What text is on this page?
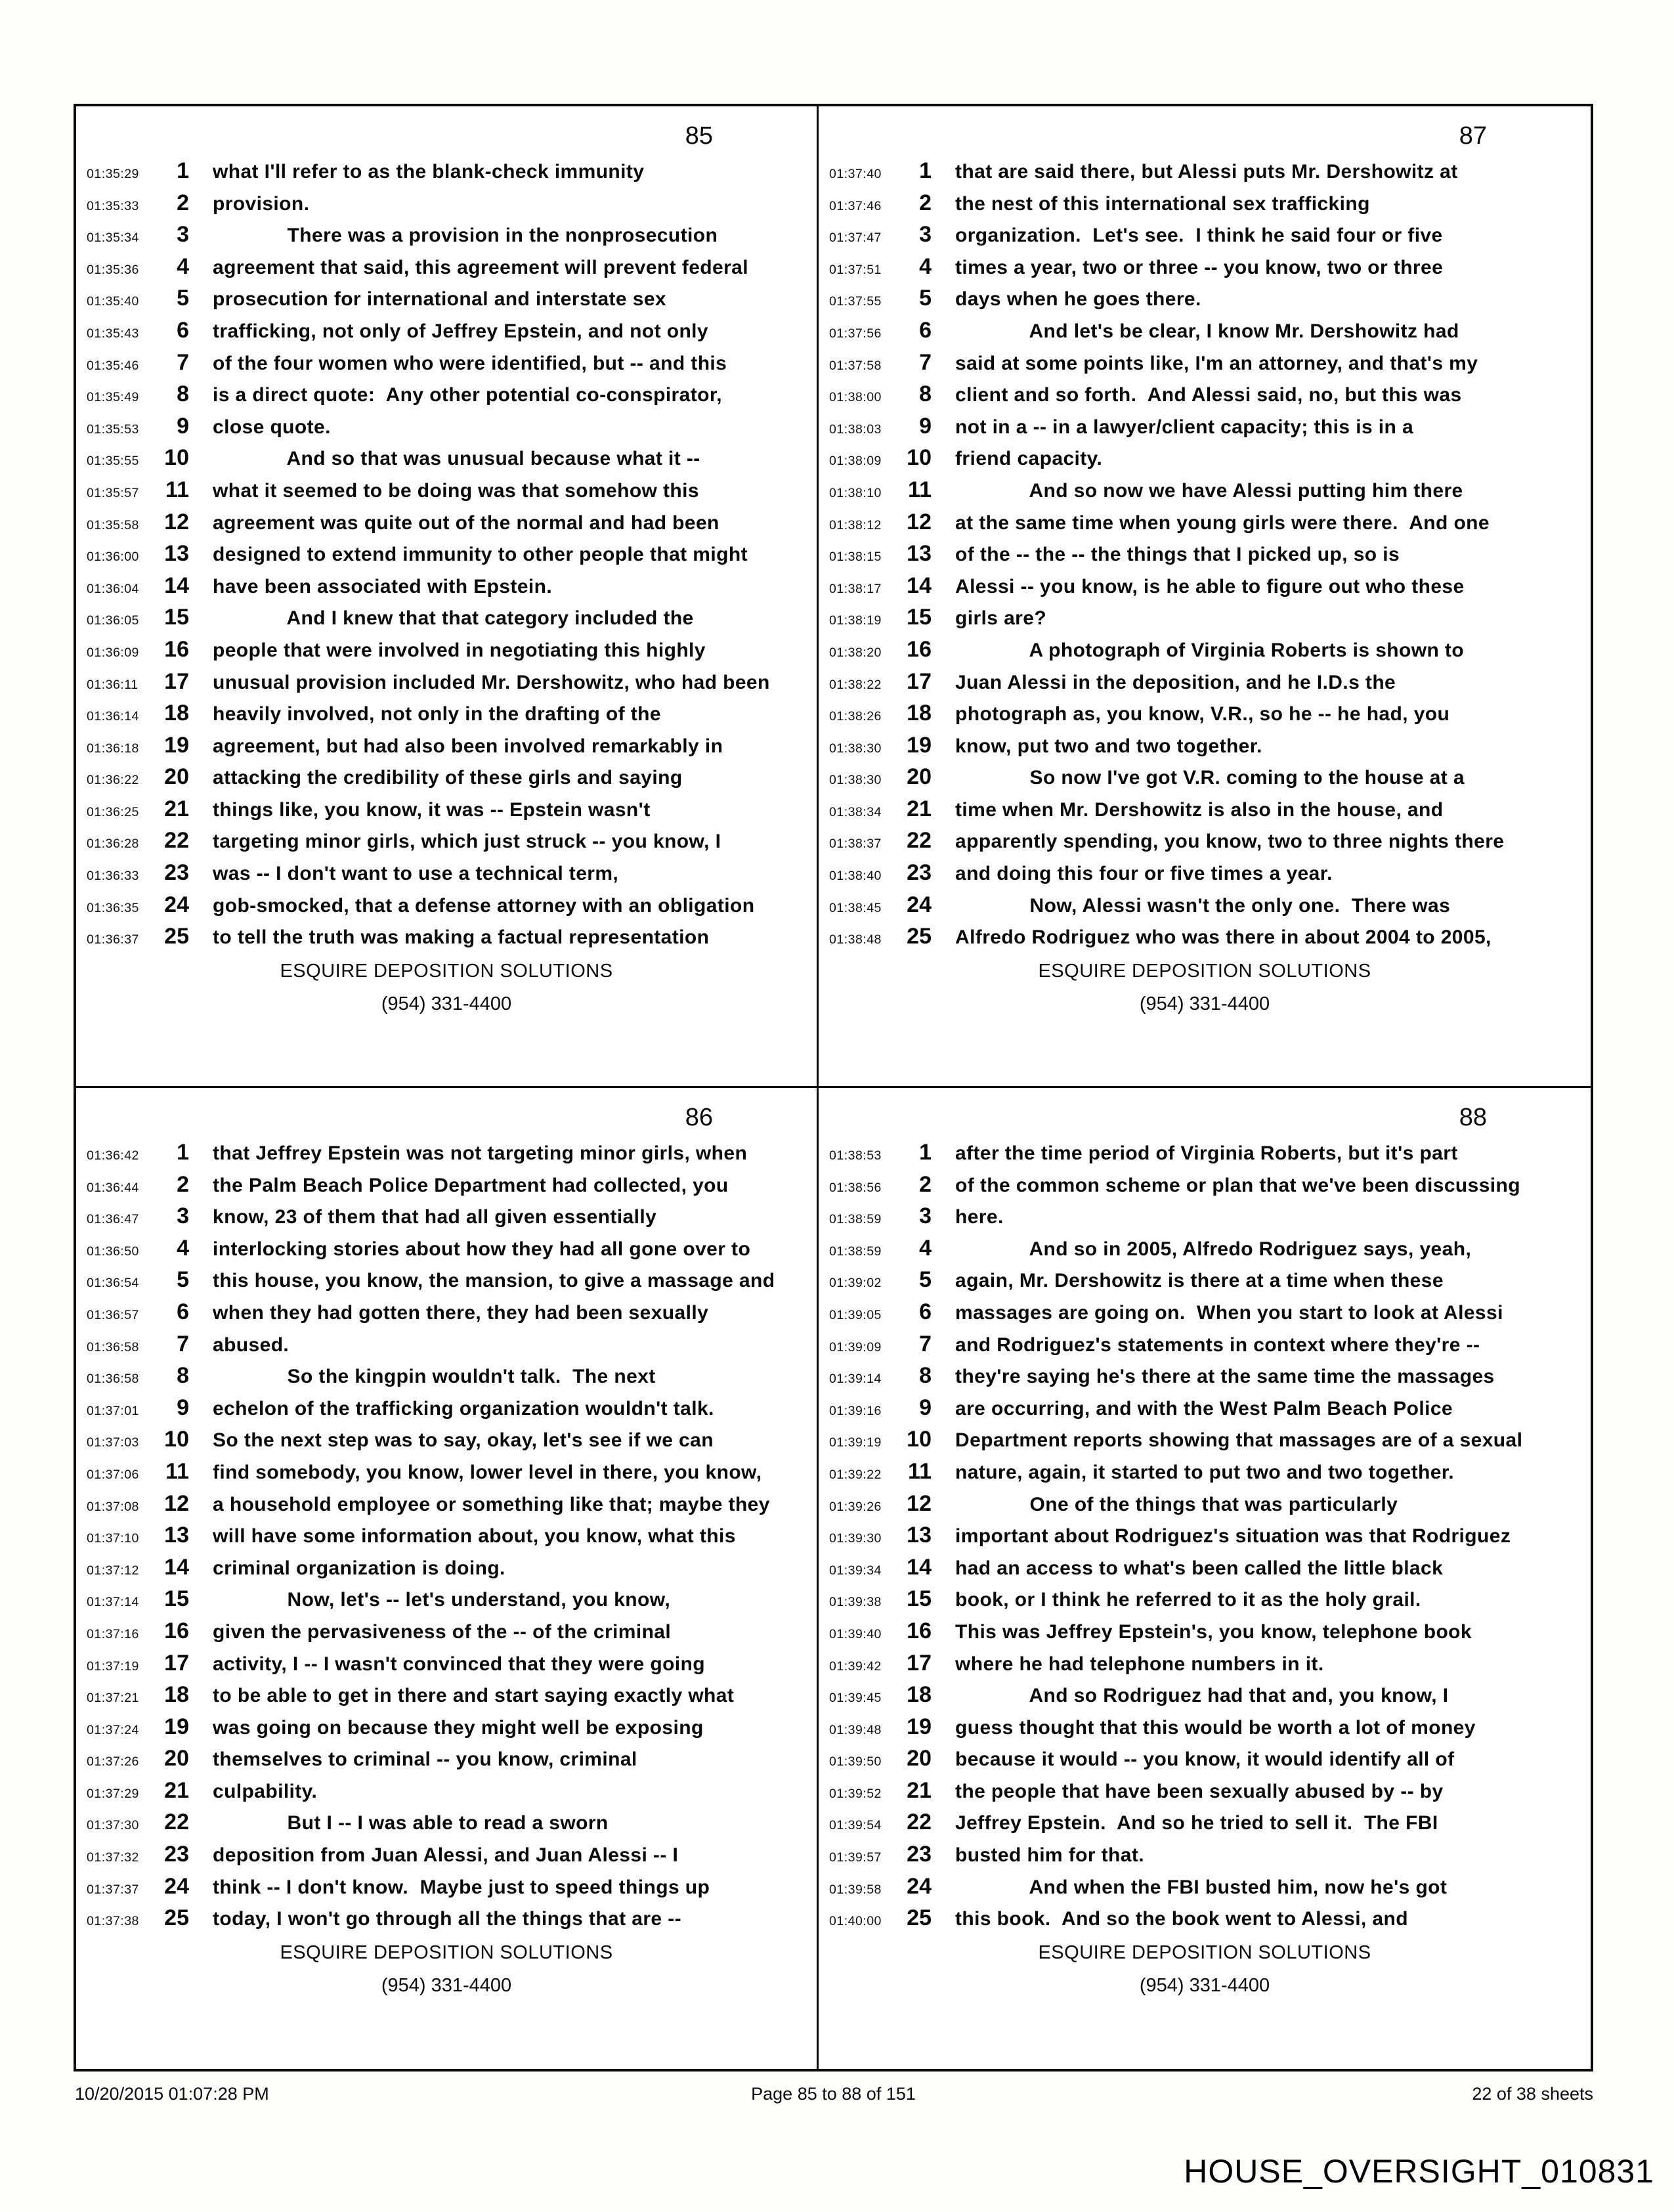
85
01:35:29	1 what I'll refer to as the blank-check immunity
01:35:33	2 provision.
01:35:34	3 There was a provision in the nonprosecution
01:35:36	4 agreement that said, this agreement will prevent federal
01:35:40	5 prosecution for international and interstate sex
01:35:43	6 trafficking, not only of Jeffrey Epstein, and not only
01:35:46	7 of the four women who were identified, but -- and this
01:35:49	8 is a direct quote:  Any other potential co-conspirator,
01:35:53	9 close quote.
01:35:55	10 And so that was unusual because what it --
01:35:57	11 what it seemed to be doing was that somehow this
01:35:58	12 agreement was quite out of the normal and had been
01:36:00	13 designed to extend immunity to other people that might
01:36:04	14 have been associated with Epstein.
01:36:05	15 And I knew that that category included the
01:36:09	16 people that were involved in negotiating this highly
01:36:11	17 unusual provision included Mr. Dershowitz, who had been
01:36:14	18 heavily involved, not only in the drafting of the
01:36:18	19 agreement, but had also been involved remarkably in
01:36:22	20 attacking the credibility of these girls and saying
01:36:25	21 things like, you know, it was -- Epstein wasn't
01:36:28	22 targeting minor girls, which just struck -- you know, I
01:36:33	23 was -- I don't want to use a technical term,
01:36:35	24 gob-smocked, that a defense attorney with an obligation
01:36:37	25 to tell the truth was making a factual representation
ESQUIRE DEPOSITION SOLUTIONS
(954) 331-4400
87
01:37:40	1 that are said there, but Alessi puts Mr. Dershowitz at
01:37:46	2 the nest of this international sex trafficking
01:37:47	3 organization.  Let's see.  I think he said four or five
01:37:51	4 times a year, two or three -- you know, two or three
01:37:55	5 days when he goes there.
01:37:56	6 And let's be clear, I know Mr. Dershowitz had
01:37:58	7 said at some points like, I'm an attorney, and that's my
01:38:00	8 client and so forth.  And Alessi said, no, but this was
01:38:03	9 not in a -- in a lawyer/client capacity; this is in a
01:38:09	10 friend capacity.
01:38:10	11 And so now we have Alessi putting him there
01:38:12	12 at the same time when young girls were there.  And one
01:38:15	13 of the -- the -- the things that I picked up, so is
01:38:17	14 Alessi -- you know, is he able to figure out who these
01:38:19	15 girls are?
01:38:20	16 A photograph of Virginia Roberts is shown to
01:38:22	17 Juan Alessi in the deposition, and he I.D.s the
01:38:26	18 photograph as, you know, V.R., so he -- he had, you
01:38:30	19 know, put two and two together.
01:38:30	20 So now I've got V.R. coming to the house at a
01:38:34	21 time when Mr. Dershowitz is also in the house, and
01:38:37	22 apparently spending, you know, two to three nights there
01:38:40	23 and doing this four or five times a year.
01:38:45	24 Now, Alessi wasn't the only one.  There was
01:38:48	25 Alfredo Rodriguez who was there in about 2004 to 2005,
ESQUIRE DEPOSITION SOLUTIONS
(954) 331-4400
86
01:36:42	1 that Jeffrey Epstein was not targeting minor girls, when
01:36:44	2 the Palm Beach Police Department had collected, you
01:36:47	3 know, 23 of them that had all given essentially
01:36:50	4 interlocking stories about how they had all gone over to
01:36:54	5 this house, you know, the mansion, to give a massage and
01:36:57	6 when they had gotten there, they had been sexually
01:36:58	7 abused.
01:36:58	8 So the kingpin wouldn't talk.  The next
01:37:01	9 echelon of the trafficking organization wouldn't talk.
01:37:03	10 So the next step was to say, okay, let's see if we can
01:37:06	11 find somebody, you know, lower level in there, you know,
01:37:08	12 a household employee or something like that; maybe they
01:37:10	13 will have some information about, you know, what this
01:37:12	14 criminal organization is doing.
01:37:14	15 Now, let's -- let's understand, you know,
01:37:16	16 given the pervasiveness of the -- of the criminal
01:37:19	17 activity, I -- I wasn't convinced that they were going
01:37:21	18 to be able to get in there and start saying exactly what
01:37:24	19 was going on because they might well be exposing
01:37:26	20 themselves to criminal -- you know, criminal
01:37:29	21 culpability.
01:37:30	22 But I -- I was able to read a sworn
01:37:32	23 deposition from Juan Alessi, and Juan Alessi -- I
01:37:37	24 think -- I don't know.  Maybe just to speed things up
01:37:38	25 today, I won't go through all the things that are --
ESQUIRE DEPOSITION SOLUTIONS
(954) 331-4400
88
01:38:53	1 after the time period of Virginia Roberts, but it's part
01:38:56	2 of the common scheme or plan that we've been discussing
01:38:59	3 here.
01:38:59	4 And so in 2005, Alfredo Rodriguez says, yeah,
01:39:02	5 again, Mr. Dershowitz is there at a time when these
01:39:05	6 massages are going on.  When you start to look at Alessi
01:39:09	7 and Rodriguez's statements in context where they're --
01:39:14	8 they're saying he's there at the same time the massages
01:39:16	9 are occurring, and with the West Palm Beach Police
01:39:19	10 Department reports showing that massages are of a sexual
01:39:22	11 nature, again, it started to put two and two together.
01:39:26	12 One of the things that was particularly
01:39:30	13 important about Rodriguez's situation was that Rodriguez
01:39:34	14 had an access to what's been called the little black
01:39:38	15 book, or I think he referred to it as the holy grail.
01:39:40	16 This was Jeffrey Epstein's, you know, telephone book
01:39:42	17 where he had telephone numbers in it.
01:39:45	18 And so Rodriguez had that and, you know, I
01:39:48	19 guess thought that this would be worth a lot of money
01:39:50	20 because it would -- you know, it would identify all of
01:39:52	21 the people that have been sexually abused by -- by
01:39:54	22 Jeffrey Epstein.  And so he tried to sell it.  The FBI
01:39:57	23 busted him for that.
01:39:58	24 And when the FBI busted him, now he's got
01:40:00	25 this book.  And so the book went to Alessi, and
ESQUIRE DEPOSITION SOLUTIONS
(954) 331-4400
10/20/2015 01:07:28 PM	Page 85 to 88 of 151	22 of 38 sheets
HOUSE_OVERSIGHT_010831
